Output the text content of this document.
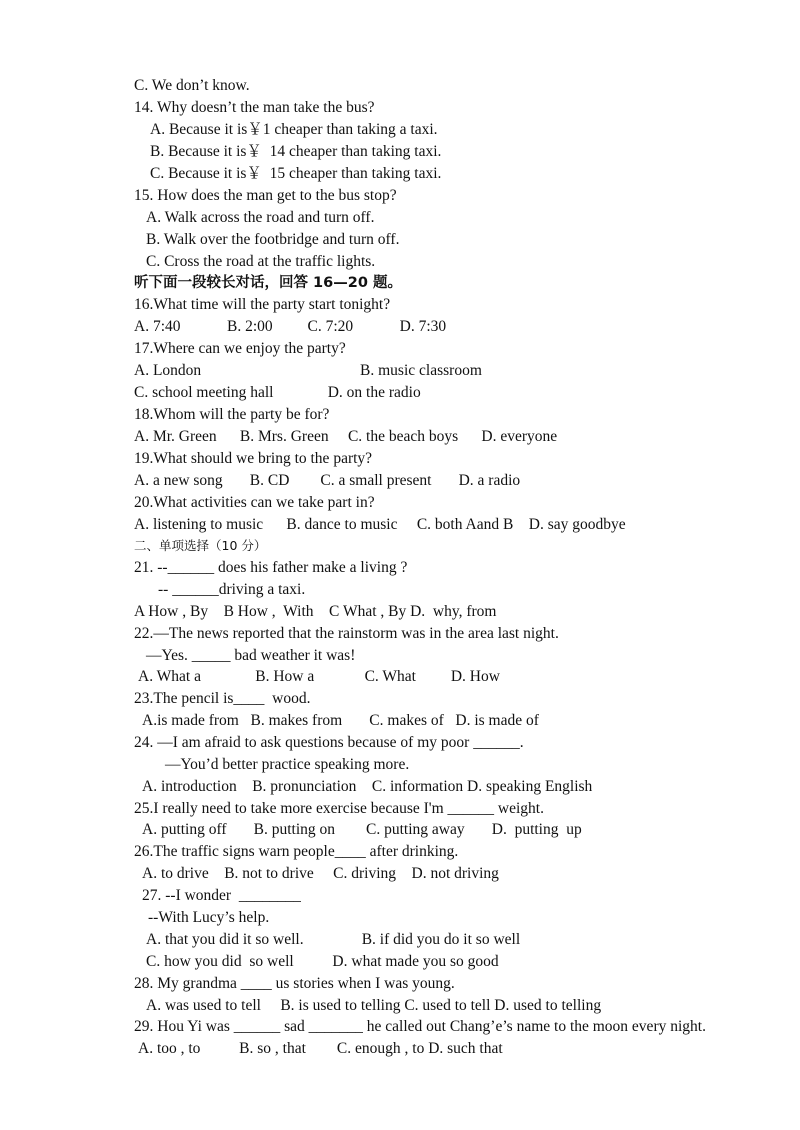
C. We don’t know.
14. Why doesn’t the man take the bus?
A. Because it is￥1 cheaper than taking a taxi.
B. Because it is￥  14 cheaper than taking taxi.
C. Because it is￥  15 cheaper than taking taxi.
15. How does the man get to the bus stop?
A. Walk across the road and turn off.
B. Walk over the footbridge and turn off.
C. Cross the road at the traffic lights.
听下面一段较长对话，回答 16—20 题。
16.What time will the party start tonight?
A. 7:40            B. 2:00         C. 7:20            D. 7:30
17.Where can we enjoy the party?
A. London                                         B. music classroom
C. school meeting hall              D. on the radio
18.Whom will the party be for?
A. Mr. Green      B. Mrs. Green     C. the beach boys      D. everyone
19.What should we bring to the party?
A. a new song       B. CD        C. a small present       D. a radio
20.What activities can we take part in?
A. listening to music      B. dance to music     C. both Aand B    D. say goodbye
二、单项选择（10 分）
21. --______ does his father make a living ?
-- ______driving a taxi.
A How , By    B How ,  With    C What , By D.  why, from
22.—The news reported that the rainstorm was in the area last night.
—Yes. _____ bad weather it was!
A. What a              B. How a             C. What         D. How
23.The pencil is____  wood.
A.is made from   B. makes from       C. makes of   D. is made of
24. —I am afraid to ask questions because of my poor ______.
—You’d better practice speaking more.
A. introduction    B. pronunciation    C. information D. speaking English
25.I really need to take more exercise because I'm ______ weight.
A. putting off       B. putting on        C. putting away       D.  putting  up
26.The traffic signs warn people____ after drinking.
A. to drive    B. not to drive     C. driving    D. not driving
27. --I wonder  ________
--With Lucy’s help.
A. that you did it so well.               B. if did you do it so well
C. how you did  so well          D. what made you so good
28. My grandma ____ us stories when I was young.
A. was used to tell     B. is used to telling C. used to tell D. used to telling
29. Hou Yi was ______ sad _______ he called out Chang’e’s name to the moon every night.
A. too , to          B. so , that        C. enough , to D. such that
